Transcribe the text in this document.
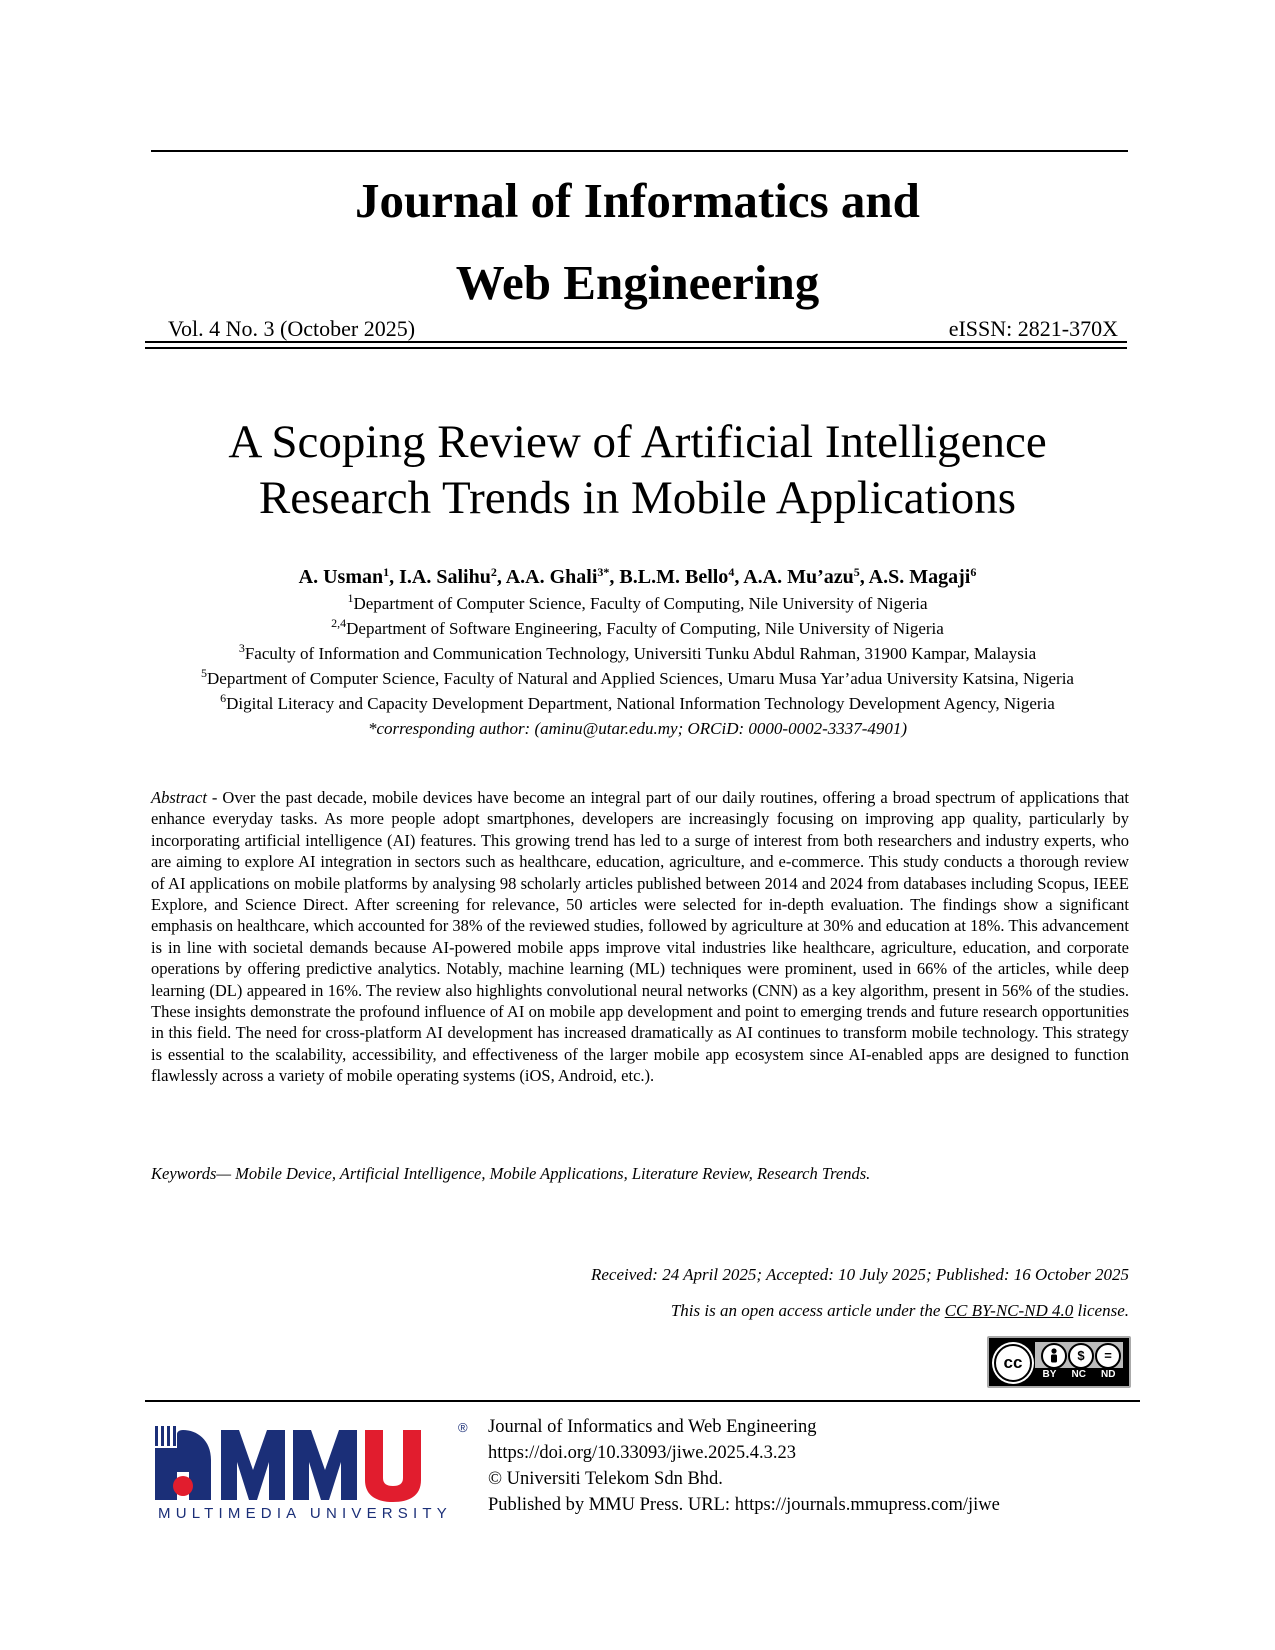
Journal of Informatics and
Web Engineering
Vol. 4 No. 3 (October 2025)	eISSN: 2821-370X
A Scoping Review of Artificial Intelligence
Research Trends in Mobile Applications
A. Usman$^1$, I.A. Salihu$^2$, A.A. Ghali$^{3*}$, B.L.M. Bello$^4$, A.A. Mu’azu$^5$, A.S. Magaji$^6$
$^1$Department of Computer Science, Faculty of Computing, Nile University of Nigeria
$^{2,4}$Department of Software Engineering, Faculty of Computing, Nile University of Nigeria
$^3$Faculty of Information and Communication Technology, Universiti Tunku Abdul Rahman, 31900 Kampar, Malaysia
$^5$Department of Computer Science, Faculty of Natural and Applied Sciences, Umaru Musa Yar’adua University Katsina, Nigeria
$^6$Digital Literacy and Capacity Development Department, National Information Technology Development Agency, Nigeria
*corresponding author: (aminu@utar.edu.my; ORCiD: 0000-0002-3337-4901)
Abstract - Over the past decade, mobile devices have become an integral part of our daily routines, offering a broad spectrum of applications that enhance everyday tasks. As more people adopt smartphones, developers are increasingly focusing on improving app quality, particularly by incorporating artificial intelligence (AI) features. This growing trend has led to a surge of interest from both researchers and industry experts, who are aiming to explore AI integration in sectors such as healthcare, education, agriculture, and e-commerce. This study conducts a thorough review of AI applications on mobile platforms by analysing 98 scholarly articles published between 2014 and 2024 from databases including Scopus, IEEE Explore, and Science Direct. After screening for relevance, 50 articles were selected for in-depth evaluation. The findings show a significant emphasis on healthcare, which accounted for 38% of the reviewed studies, followed by agriculture at 30% and education at 18%. This advancement is in line with societal demands because AI-powered mobile apps improve vital industries like healthcare, agriculture, education, and corporate operations by offering predictive analytics. Notably, machine learning (ML) techniques were prominent, used in 66% of the articles, while deep learning (DL) appeared in 16%. The review also highlights convolutional neural networks (CNN) as a key algorithm, present in 56% of the studies. These insights demonstrate the profound influence of AI on mobile app development and point to emerging trends and future research opportunities in this field. The need for cross-platform AI development has increased dramatically as AI continues to transform mobile technology. This strategy is essential to the scalability, accessibility, and effectiveness of the larger mobile app ecosystem since AI-enabled apps are designed to function flawlessly across a variety of mobile operating systems (iOS, Android, etc.).
Keywords— Mobile Device, Artificial Intelligence, Mobile Applications, Literature Review, Research Trends.
Received: 24 April 2025; Accepted: 10 July 2025; Published: 16 October 2025
This is an open access article under the CC BY-NC-ND 4.0 license.
cc	$	=
BY NC ND
®
MULTIMEDIA UNIVERSITY
Journal of Informatics and Web Engineering
https://doi.org/10.33093/jiwe.2025.4.3.23
© Universiti Telekom Sdn Bhd.
Published by MMU Press. URL: https://journals.mmupress.com/jiwe
